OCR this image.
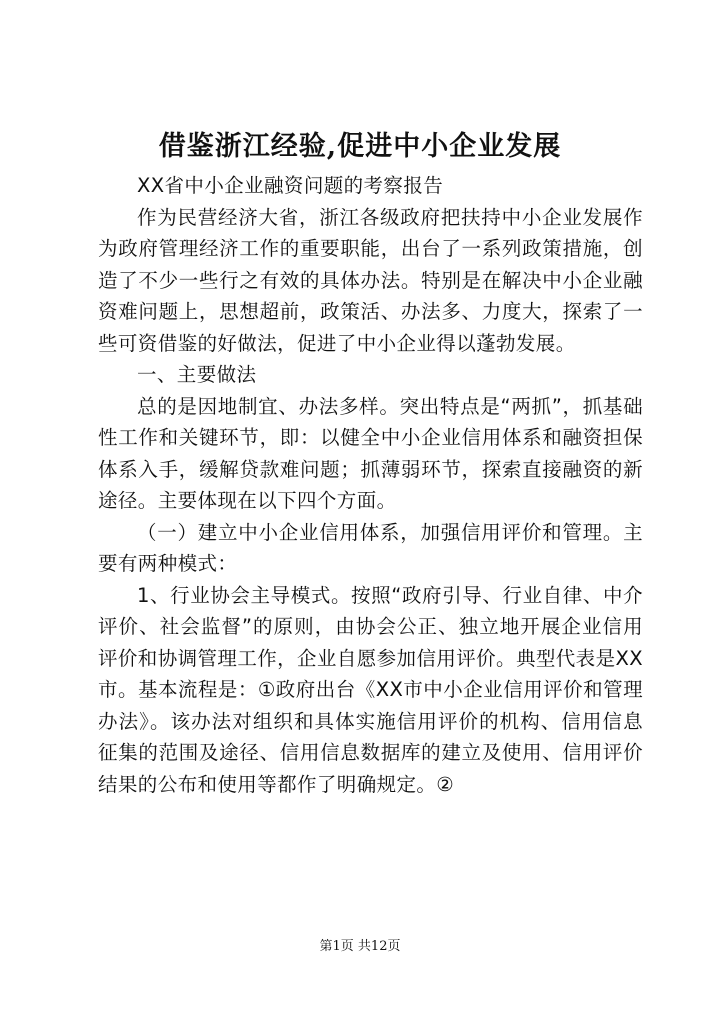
借鉴浙江经验,促进中小企业发展

XX省中小企业融资问题的考察报告

作为民营经济大省，浙江各级政府把扶持中小企业发展作为政府管理经济工作的重要职能，出台了一系列政策措施，创造了不少一些行之有效的具体办法。特别是在解决中小企业融资难问题上，思想超前，政策活、办法多、力度大，探索了一些可资借鉴的好做法，促进了中小企业得以蓬勃发展。

一、主要做法

总的是因地制宜、办法多样。突出特点是“两抓”，抓基础性工作和关键环节，即：以健全中小企业信用体系和融资担保体系入手，缓解贷款难问题；抓薄弱环节，探索直接融资的新途径。主要体现在以下四个方面。

（一）建立中小企业信用体系，加强信用评价和管理。主要有两种模式：

1、行业协会主导模式。按照“政府引导、行业自律、中介评价、社会监督”的原则，由协会公正、独立地开展企业信用评价和协调管理工作，企业自愿参加信用评价。典型代表是XX市。基本流程是：①政府出台《XX市中小企业信用评价和管理办法》。该办法对组织和具体实施信用评价的机构、信用信息征集的范围及途径、信用信息数据库的建立及使用、信用评价结果的公布和使用等都作了明确规定。②

第1页 共12页
